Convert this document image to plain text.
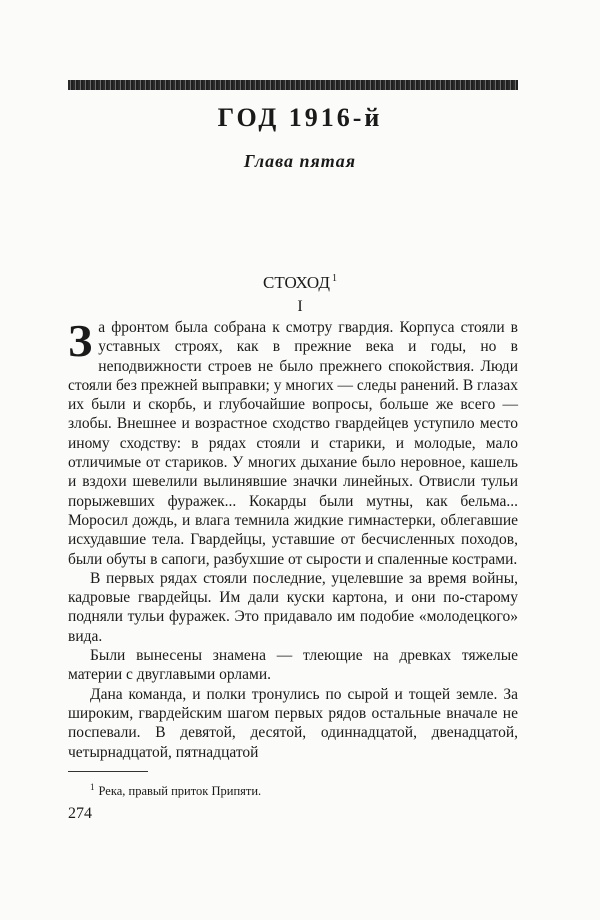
ГОД 1916-й
Глава пятая
СТОХОД $^1$
I

За фронтом была собрана к смотру гвардия. Корпуса стояли в уставных строях, как в прежние века и годы, но в неподвижности строев не было прежнего спокойствия. Люди стояли без прежней выправки; у многих — следы ранений. В глазах их были и скорбь, и глубочайшие вопросы, больше же всего — злобы. Внешнее и возрастное сходство гвардейцев уступило место иному сходству: в рядах стояли и старики, и молодые, мало отличимые от стариков. У многих дыхание было неровное, кашель и вздохи шевелили вылинявшие значки линейных. Отвисли тульи порыжевших фуражек... Кокарды были мутны, как бельма... Моросил дождь, и влага темнила жидкие гимнастерки, облегавшие исхудавшие тела. Гвардейцы, уставшие от бесчисленных походов, были обуты в сапоги, разбухшие от сырости и спаленные кострами.

В первых рядах стояли последние, уцелевшие за время войны, кадровые гвардейцы. Им дали куски картона, и они по-старому подняли тульи фуражек. Это придавало им подобие «молодецкого» вида.

Были вынесены знамена — тлеющие на древках тяжелые материи с двуглавыми орлами.

Дана команда, и полки тронулись по сырой и тощей земле. За широким, гвардейским шагом первых рядов остальные вначале не поспевали. В девятой, десятой, одиннадцатой, двенадцатой, четырнадцатой, пятнадцатой

$^1$ Река, правый приток Припяти.
274
